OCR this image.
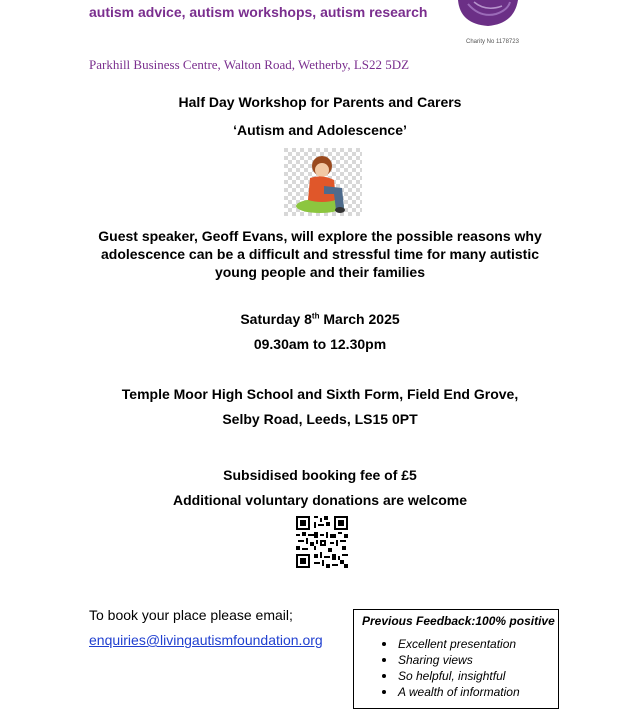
autism advice, autism workshops, autism research
Charity No 1178723
Parkhill Business Centre, Walton Road, Wetherby, LS22 5DZ
Half Day Workshop for Parents and Carers
‘Autism and Adolescence’
Guest speaker, Geoff Evans, will explore the possible reasons why
adolescence can be a difficult and stressful time for many autistic
young people and their families
Saturday 8th March 2025
09.30am to 12.30pm
Temple Moor High School and Sixth Form, Field End Grove,
Selby Road, Leeds, LS15 0PT
Subsidised booking fee of £5
Additional voluntary donations are welcome
To book your place please email;
enquiries@livingautismfoundation.org
Previous Feedback:100% positive
Excellent presentation
Sharing views
So helpful, insightful
A wealth of information
